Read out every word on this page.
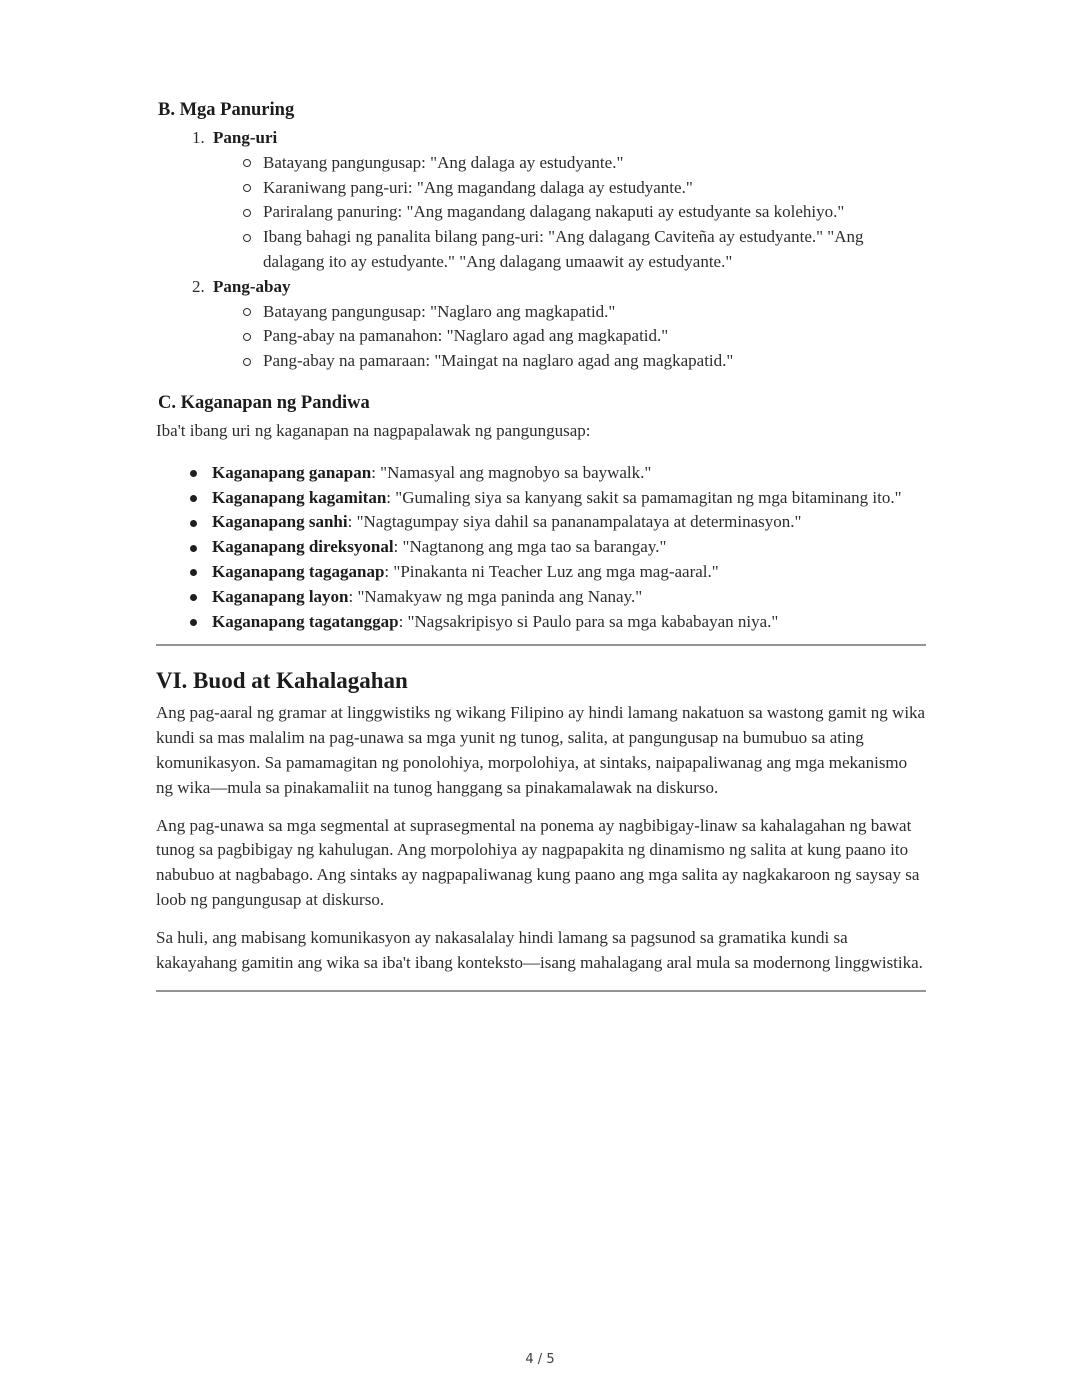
B. Mga Panuring
1. Pang-uri
Batayang pangungusap: "Ang dalaga ay estudyante."
Karaniwang pang-uri: "Ang magandang dalaga ay estudyante."
Pariralang panuring: "Ang magandang dalagang nakaputi ay estudyante sa kolehiyo."
Ibang bahagi ng panalita bilang pang-uri: "Ang dalagang Caviteña ay estudyante." "Ang dalagang ito ay estudyante." "Ang dalagang umaawit ay estudyante."
2. Pang-abay
Batayang pangungusap: "Naglaro ang magkapatid."
Pang-abay na pamanahon: "Naglaro agad ang magkapatid."
Pang-abay na pamaraan: "Maingat na naglaro agad ang magkapatid."
C. Kaganapan ng Pandiwa

Iba't ibang uri ng kaganapan na nagpapalawak ng pangungusap:

Kaganapang ganapan: "Namasyal ang magnobyo sa baywalk."
Kaganapang kagamitan: "Gumaling siya sa kanyang sakit sa pamamagitan ng mga bitaminang ito."
Kaganapang sanhi: "Nagtagumpay siya dahil sa pananampalataya at determinasyon."
Kaganapang direksyonal: "Nagtanong ang mga tao sa barangay."
Kaganapang tagaganap: "Pinakanta ni Teacher Luz ang mga mag-aaral."
Kaganapang layon: "Namakyaw ng mga paninda ang Nanay."
Kaganapang tagatanggap: "Nagsakripisyo si Paulo para sa mga kababayan niya."
VI. Buod at Kahalagahan

Ang pag-aaral ng gramar at linggwistiks ng wikang Filipino ay hindi lamang nakatuon sa wastong gamit ng wika kundi sa mas malalim na pag-unawa sa mga yunit ng tunog, salita, at pangungusap na bumubuo sa ating komunikasyon. Sa pamamagitan ng ponolohiya, morpolohiya, at sintaks, naipapaliwanag ang mga mekanismo ng wika—mula sa pinakamaliit na tunog hanggang sa pinakamalawak na diskurso.

Ang pag-unawa sa mga segmental at suprasegmental na ponema ay nagbibigay-linaw sa kahalagahan ng bawat tunog sa pagbibigay ng kahulugan. Ang morpolohiya ay nagpapakita ng dinamismo ng salita at kung paano ito nabubuo at nagbabago. Ang sintaks ay nagpapaliwanag kung paano ang mga salita ay nagkakaroon ng saysay sa loob ng pangungusap at diskurso.

Sa huli, ang mabisang komunikasyon ay nakasalalay hindi lamang sa pagsunod sa gramatika kundi sa kakayahang gamitin ang wika sa iba't ibang konteksto—isang mahalagang aral mula sa modernong linggwistika.

4 / 5
